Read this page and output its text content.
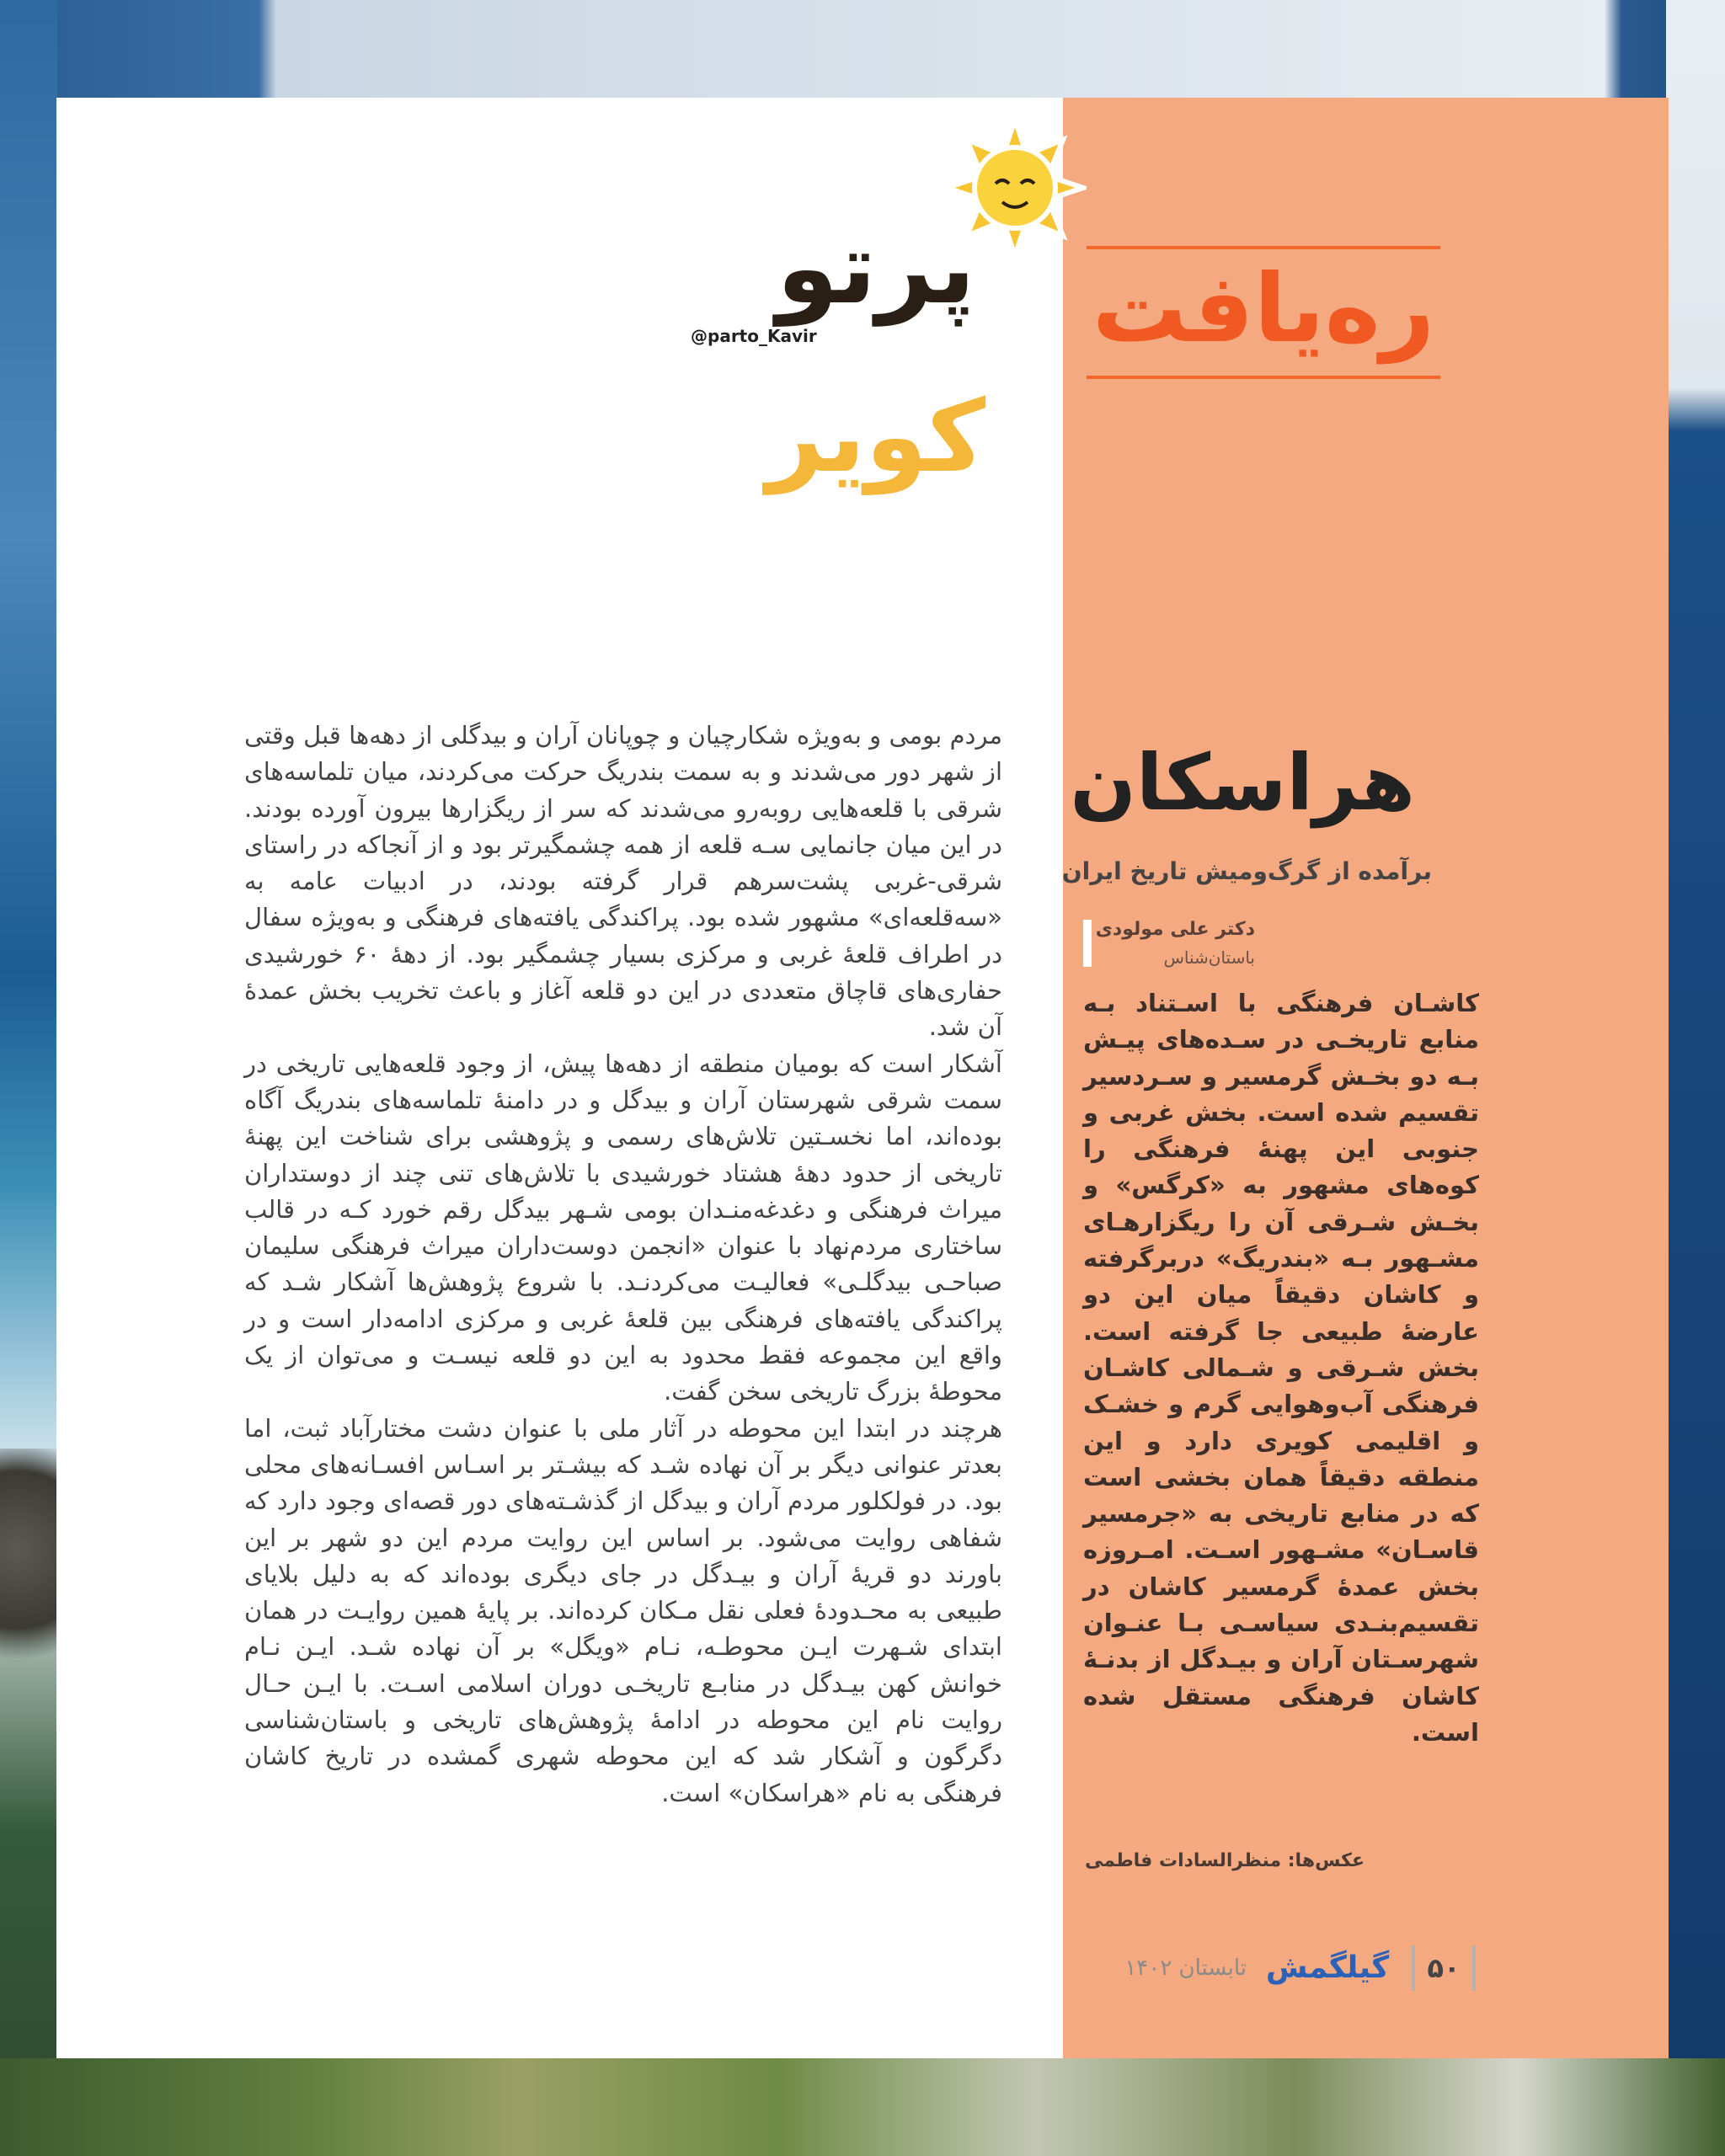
ره‌یافت
پرتو کویر
@parto_Kavir
هراسکان
برآمده از گرگ‌ومیش تاریخ ایران
دکتر علی مولودی
باستان‌شناس

کاشـان فرهنگی با اسـتناد بـه منابع تاریخـی در سـده‌های پیـش بـه دو بخـش گرمسیر و سـردسیر تقسیم شده است. بخش غربی و جنوبی این پهنهٔ فرهنگی را کوه‌های مشهور به «کرگس» و بخـش شـرقی آن را ریگزارهـای مشـهور بـه «بندریگ» دربرگرفته و کاشان دقیقاً میان این دو عارضهٔ طبیعی جا گرفته است. بخش شـرقی و شـمالی کاشـان فرهنگی آب‌وهوایی گرم و خشـک و اقلیمی کویری دارد و این منطقه دقیقاً همان بخشی است که در منابع تاریخی به «جرمسیر قاسـان» مشـهور اسـت. امـروزه بخش عمدهٔ گرمسیر کاشان در تقسیم‌بنـدی سیاسـی بـا عنـوان شهرسـتان آران و بیـدگل از بدنـهٔ کاشان فرهنگی مستقل شده است.

عکس‌ها: منظرالسادات فاطمی
۵۰
گیلگمش
تابستان ۱۴۰۲

مردم بومی و به‌ویژه شکارچیان و چوپانان آران و بیدگلی از دهه‌ها قبل وقتی از شهر دور می‌شدند و به سمت بندریگ حرکت می‌کردند، میان تلماسه‌های شرقی با قلعه‌هایی روبه‌رو می‌شدند که سر از ریگزارها بیرون آورده بودند. در این میان جانمایی سـه قلعه از همه چشمگیرتر بود و از آنجاکه در راستای شرقی-غربی پشت‌سرهم قرار گرفته بودند، در ادبیات عامه به «سه‌قلعه‌ای» مشهور شده بود. پراکندگی یافته‌های فرهنگی و به‌ویژه سفال در اطراف قلعهٔ غربی و مرکزی بسیار چشمگیر بود. از دههٔ ۶۰ خورشیدی حفاری‌های قاچاق متعددی در این دو قلعه آغاز و باعث تخریب بخش عمدهٔ آن شد.

آشکار است که بومیان منطقه از دهه‌ها پیش، از وجود قلعه‌هایی تاریخی در سمت شرقی شهرستان آران و بیدگل و در دامنهٔ تلماسه‌های بندریگ آگاه بوده‌اند، اما نخسـتین تلاش‌های رسمی و پژوهشی برای شناخت این پهنهٔ تاریخی از حدود دههٔ هشتاد خورشیدی با تلاش‌های تنی چند از دوستداران میراث فرهنگی و دغدغه‌منـدان بومی شـهر بیدگل رقم خورد کـه در قالب ساختاری مردم‌نهاد با عنوان «انجمن دوست‌داران میراث فرهنگی سلیمان صباحـی بیدگلـی» فعالیـت می‌کردنـد. با شروع پژوهش‌ها آشکار شـد که پراکندگی یافته‌های فرهنگی بین قلعهٔ غربی و مرکزی ادامه‌دار است و در واقع این مجموعه فقط محدود به این دو قلعه نیسـت و می‌توان از یک محوطهٔ بزرگ تاریخی سخن گفت.

هرچند در ابتدا این محوطه در آثار ملی با عنوان دشت مختارآباد ثبت، اما بعدتر عنوانی دیگر بر آن نهاده شـد که بیشـتر بر اسـاس افسـانه‌های محلی بود. در فولکلور مردم آران و بیدگل از گذشـته‌های دور قصه‌ای وجود دارد که شفاهی روایت می‌شود. بر اساس این روایت مردم این دو شهر بر این باورند دو قریهٔ آران و بیـدگل در جای دیگری بوده‌اند که به دلیل بلایای طبیعی به محـدودهٔ فعلی نقل مـکان کرده‌اند. بر پایهٔ همین روایـت در همان ابتدای شـهرت ایـن محوطـه، نـام «ویگل» بر آن نهاده شـد. ایـن نـام خوانش کهن بیـدگل در منابـع تاریخـی دوران اسلامی اسـت. با ایـن حـال روایت نام این محوطه در ادامهٔ پژوهش‌های تاریخی و باستان‌شناسی دگرگون و آشکار شد که این محوطه شهری گمشده در تاریخ کاشان فرهنگی به نام «هراسکان» است.
